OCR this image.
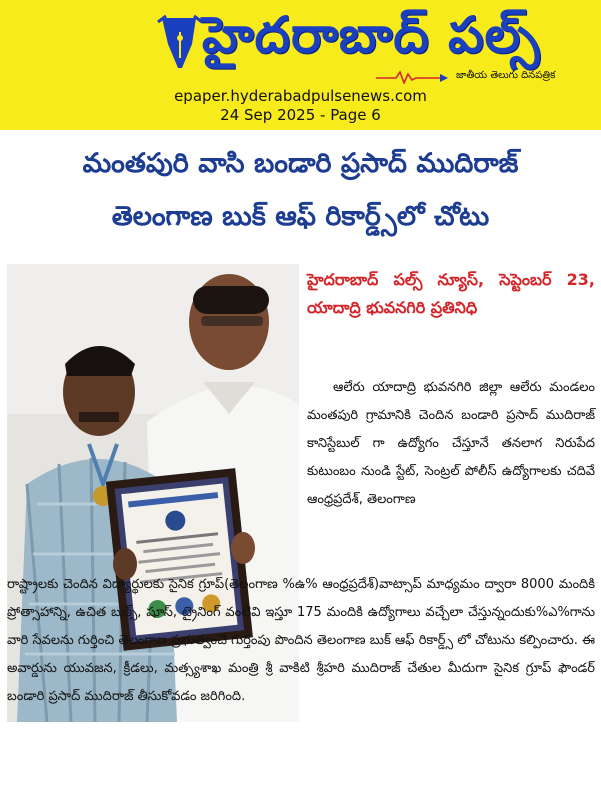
హైదరాబాద్ పల్స్
జాతీయ తెలుగు దినపత్రిక
epaper.hyderabadpulsenews.com
24 Sep 2025 - Page 6
మంతపురి వాసి బండారి ప్రసాద్ ముదిరాజ్
తెలంగాణ బుక్ ఆఫ్ రికార్డ్స్‌లో చోటు
హైదరాబాద్ పల్స్ న్యూస్, సెప్టెంబర్ 23, యాదాద్రి భువనగిరి ప్రతినిధి
ఆలేరు యాదాద్రి భువనగిరి జిల్లా ఆలేరు మండలం మంతపురి గ్రామానికి చెందిన బండారి ప్రసాద్ ముదిరాజ్ కానిస్టేబుల్ గా ఉద్యోగం చేస్తూనే తనలాగ నిరుపేద కుటుంబం నుండి స్టేట్, సెంట్రల్ పోలీస్ ఉద్యోగాలకు చదివే ఆంధ్రప్రదేశ్, తెలంగాణ
రాష్ట్రాలకు చెందిన విద్యార్థులకు సైనిక గ్రూప్(తెలంగాణ %ఉ% ఆంధ్రప్రదేశ్)వాట్సాప్ మాధ్యమం ద్వారా 8000 మందికి ప్రోత్సాహాన్ని, ఉచిత బుక్స్, షూస్, ట్రైనింగ్ వంటివి ఇస్తూ 175 మందికి ఉద్యోగాలు వచ్చేలా చేస్తున్నందుకు%ఎ%గాను వారి సేవలను గుర్తించి తెలంగాణ ప్రభుత్వంచే గుర్తింపు పొందిన తెలంగాణ బుక్ ఆఫ్ రికార్డ్స్ లో చోటును కల్పించారు. ఈ అవార్డును యువజన, క్రీడలు, మత్స్యశాఖ మంత్రి శ్రీ వాకిటి శ్రీహరి ముదిరాజ్ చేతుల మీదుగా సైనిక గ్రూప్ ఫౌండర్ బండారి ప్రసాద్ ముదిరాజ్ తీసుకోవడం జరిగింది.
